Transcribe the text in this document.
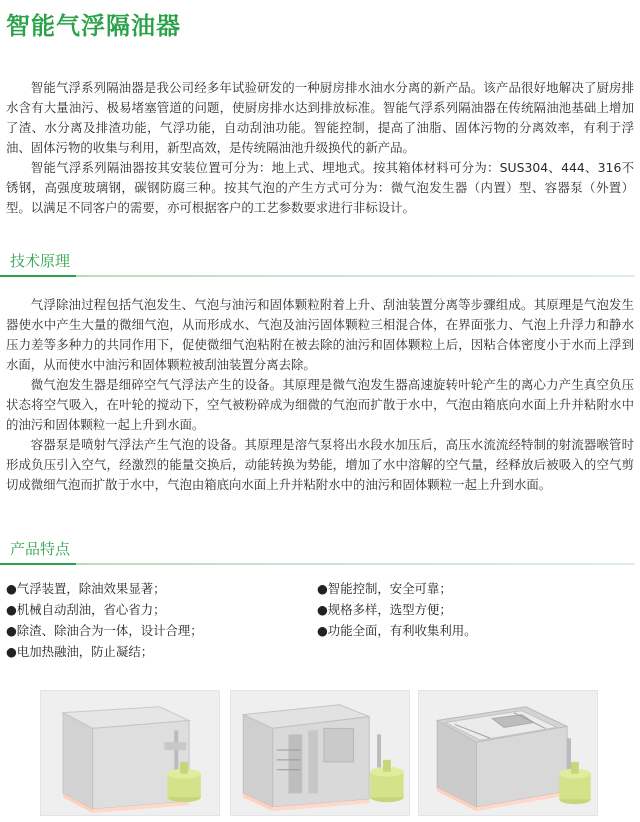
智能气浮隔油器

智能气浮系列隔油器是我公司经多年试验研发的一种厨房排水油水分离的新产品。该产品很好地解决了厨房排水含有大量油污、极易堵塞管道的问题，使厨房排水达到排放标准。智能气浮系列隔油器在传统隔油池基础上增加了渣、水分离及排渣功能，气浮功能，自动刮油功能。智能控制，提高了油脂、固体污物的分离效率，有利于浮油、固体污物的收集与利用，新型高效，是传统隔油池升级换代的新产品。

智能气浮系列隔油器按其安装位置可分为：地上式、埋地式。按其箱体材料可分为：SUS304、444、316不锈钢，高强度玻璃钢，碳钢防腐三种。按其气泡的产生方式可分为：微气泡发生器（内置）型、容器泵（外置）型。以满足不同客户的需要，亦可根据客户的工艺参数要求进行非标设计。

技术原理

气浮除油过程包括气泡发生、气泡与油污和固体颗粒附着上升、刮油装置分离等步骤组成。其原理是气泡发生器使水中产生大量的微细气泡，从而形成水、气泡及油污固体颗粒三相混合体，在界面张力、气泡上升浮力和静水压力差等多种力的共同作用下，促使微细气泡粘附在被去除的油污和固体颗粒上后，因粘合体密度小于水而上浮到水面，从而使水中油污和固体颗粒被刮油装置分离去除。

微气泡发生器是细碎空气气浮法产生的设备。其原理是微气泡发生器高速旋转叶轮产生的离心力产生真空负压状态将空气吸入，在叶轮的搅动下，空气被粉碎成为细微的气泡而扩散于水中，气泡由箱底向水面上升并粘附水中的油污和固体颗粒一起上升到水面。

容器泵是喷射气浮法产生气泡的设备。其原理是溶气泵将出水段水加压后，高压水流流经特制的射流器喉管时形成负压引入空气，经激烈的能量交换后，动能转换为势能，增加了水中溶解的空气量，经释放后被吸入的空气剪切成微细气泡而扩散于水中，气泡由箱底向水面上升并粘附水中的油污和固体颗粒一起上升到水面。

产品特点
●气浮装置，除油效果显著；
●机械自动刮油，省心省力；
●除渣、除油合为一体，设计合理；
●电加热融油，防止凝结；
●智能控制，安全可靠；
●规格多样，选型方便；
●功能全面，有利收集利用。
